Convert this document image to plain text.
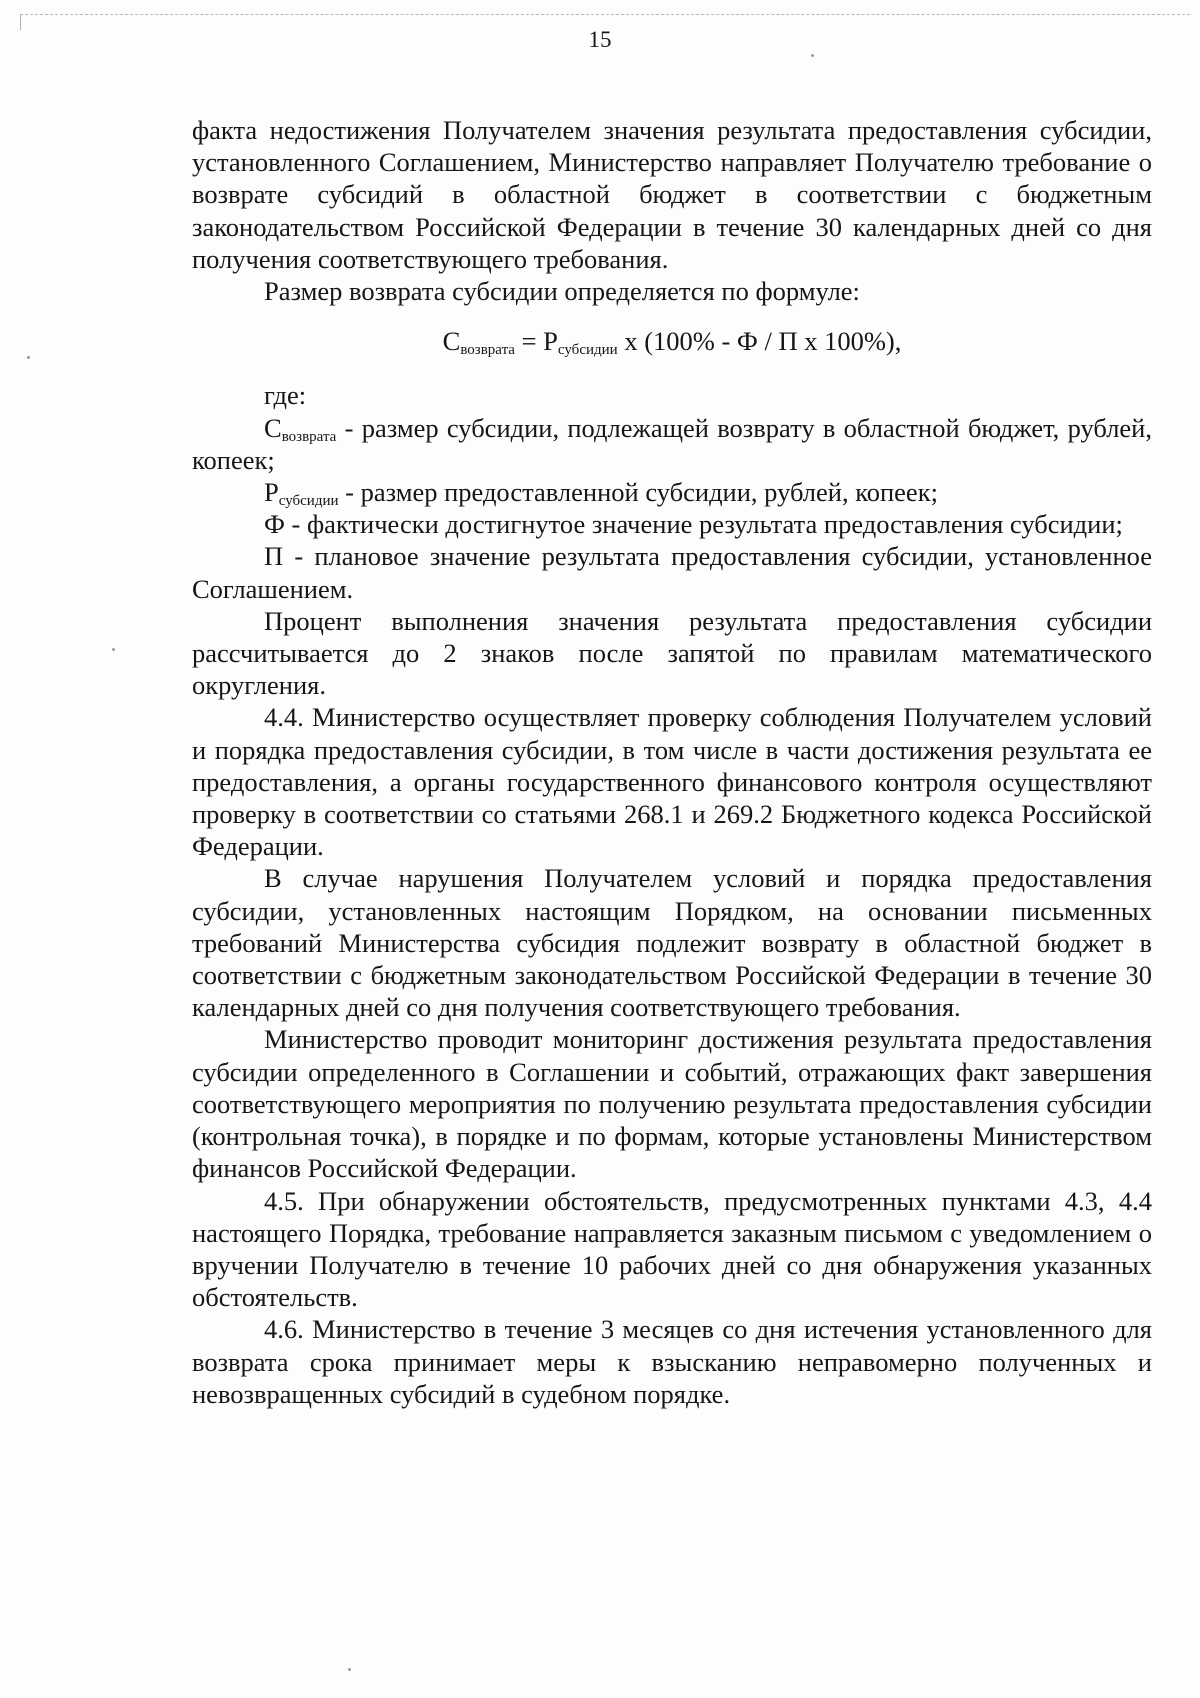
15

факта недостижения Получателем значения результата предоставления субсидии, установленного Соглашением, Министерство направляет Получателю требование о возврате субсидий в областной бюджет в соответствии с бюджетным законодательством Российской Федерации в течение 30 календарных дней со дня получения соответствующего требования.

Размер возврата субсидии определяется по формуле:

$С_{возврата} = Р_{субсидии}$ х (100% - Ф / П х 100%),

где:

$С_{возврата}$ - размер субсидии, подлежащей возврату в областной бюджет, рублей, копеек;

$Р_{субсидии}$ - размер предоставленной субсидии, рублей, копеек;

Ф - фактически достигнутое значение результата предоставления субсидии;

П - плановое значение результата предоставления субсидии, установленное Соглашением.

Процент выполнения значения результата предоставления субсидии рассчитывается до 2 знаков после запятой по правилам математического округления.

4.4. Министерство осуществляет проверку соблюдения Получателем условий и порядка предоставления субсидии, в том числе в части достижения результата ее предоставления, а органы государственного финансового контроля осуществляют проверку в соответствии со статьями 268.1 и 269.2 Бюджетного кодекса Российской Федерации.

В случае нарушения Получателем условий и порядка предоставления субсидии, установленных настоящим Порядком, на основании письменных требований Министерства субсидия подлежит возврату в областной бюджет в соответствии с бюджетным законодательством Российской Федерации в течение 30 календарных дней со дня получения соответствующего требования.

Министерство проводит мониторинг достижения результата предоставления субсидии определенного в Соглашении и событий, отражающих факт завершения соответствующего мероприятия по получению результата предоставления субсидии (контрольная точка), в порядке и по формам, которые установлены Министерством финансов Российской Федерации.

4.5. При обнаружении обстоятельств, предусмотренных пунктами 4.3, 4.4 настоящего Порядка, требование направляется заказным письмом с уведомлением о вручении Получателю в течение 10 рабочих дней со дня обнаружения указанных обстоятельств.

4.6. Министерство в течение 3 месяцев со дня истечения установленного для возврата срока принимает меры к взысканию неправомерно полученных и невозвращенных субсидий в судебном порядке.
